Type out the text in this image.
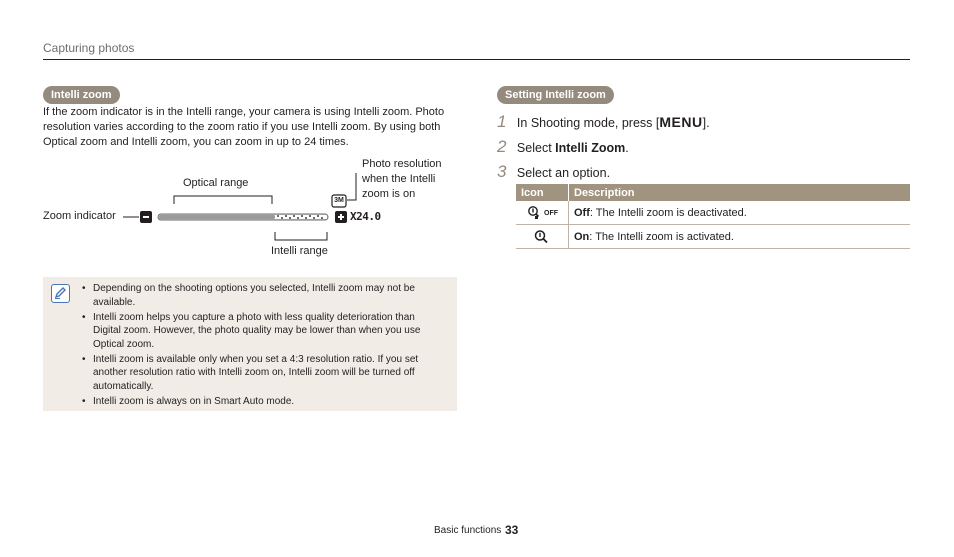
Capturing photos
Intelli zoom
If the zoom indicator is in the Intelli range, your camera is using Intelli zoom. Photo resolution varies according to the zoom ratio if you use Intelli zoom. By using both Optical zoom and Intelli zoom, you can zoom in up to 24 times.
Optical range
Zoom indicator
Intelli range
Photo resolution
when the Intelli
zoom is on
3M
X24.0
• Depending on the shooting options you selected, Intelli zoom may not be available.
• Intelli zoom helps you capture a photo with less quality deterioration than Digital zoom. However, the photo quality may be lower than when you use Optical zoom.
• Intelli zoom is available only when you set a 4:3 resolution ratio. If you set another resolution ratio with Intelli zoom on, Intelli zoom will be turned off automatically.
• Intelli zoom is always on in Smart Auto mode.
Setting Intelli zoom
1 In Shooting mode, press [MENU].
2 Select Intelli Zoom.
3 Select an option.
Icon	Description
OFF	Off: The Intelli zoom is deactivated.
	On: The Intelli zoom is activated.
Basic functions 33
